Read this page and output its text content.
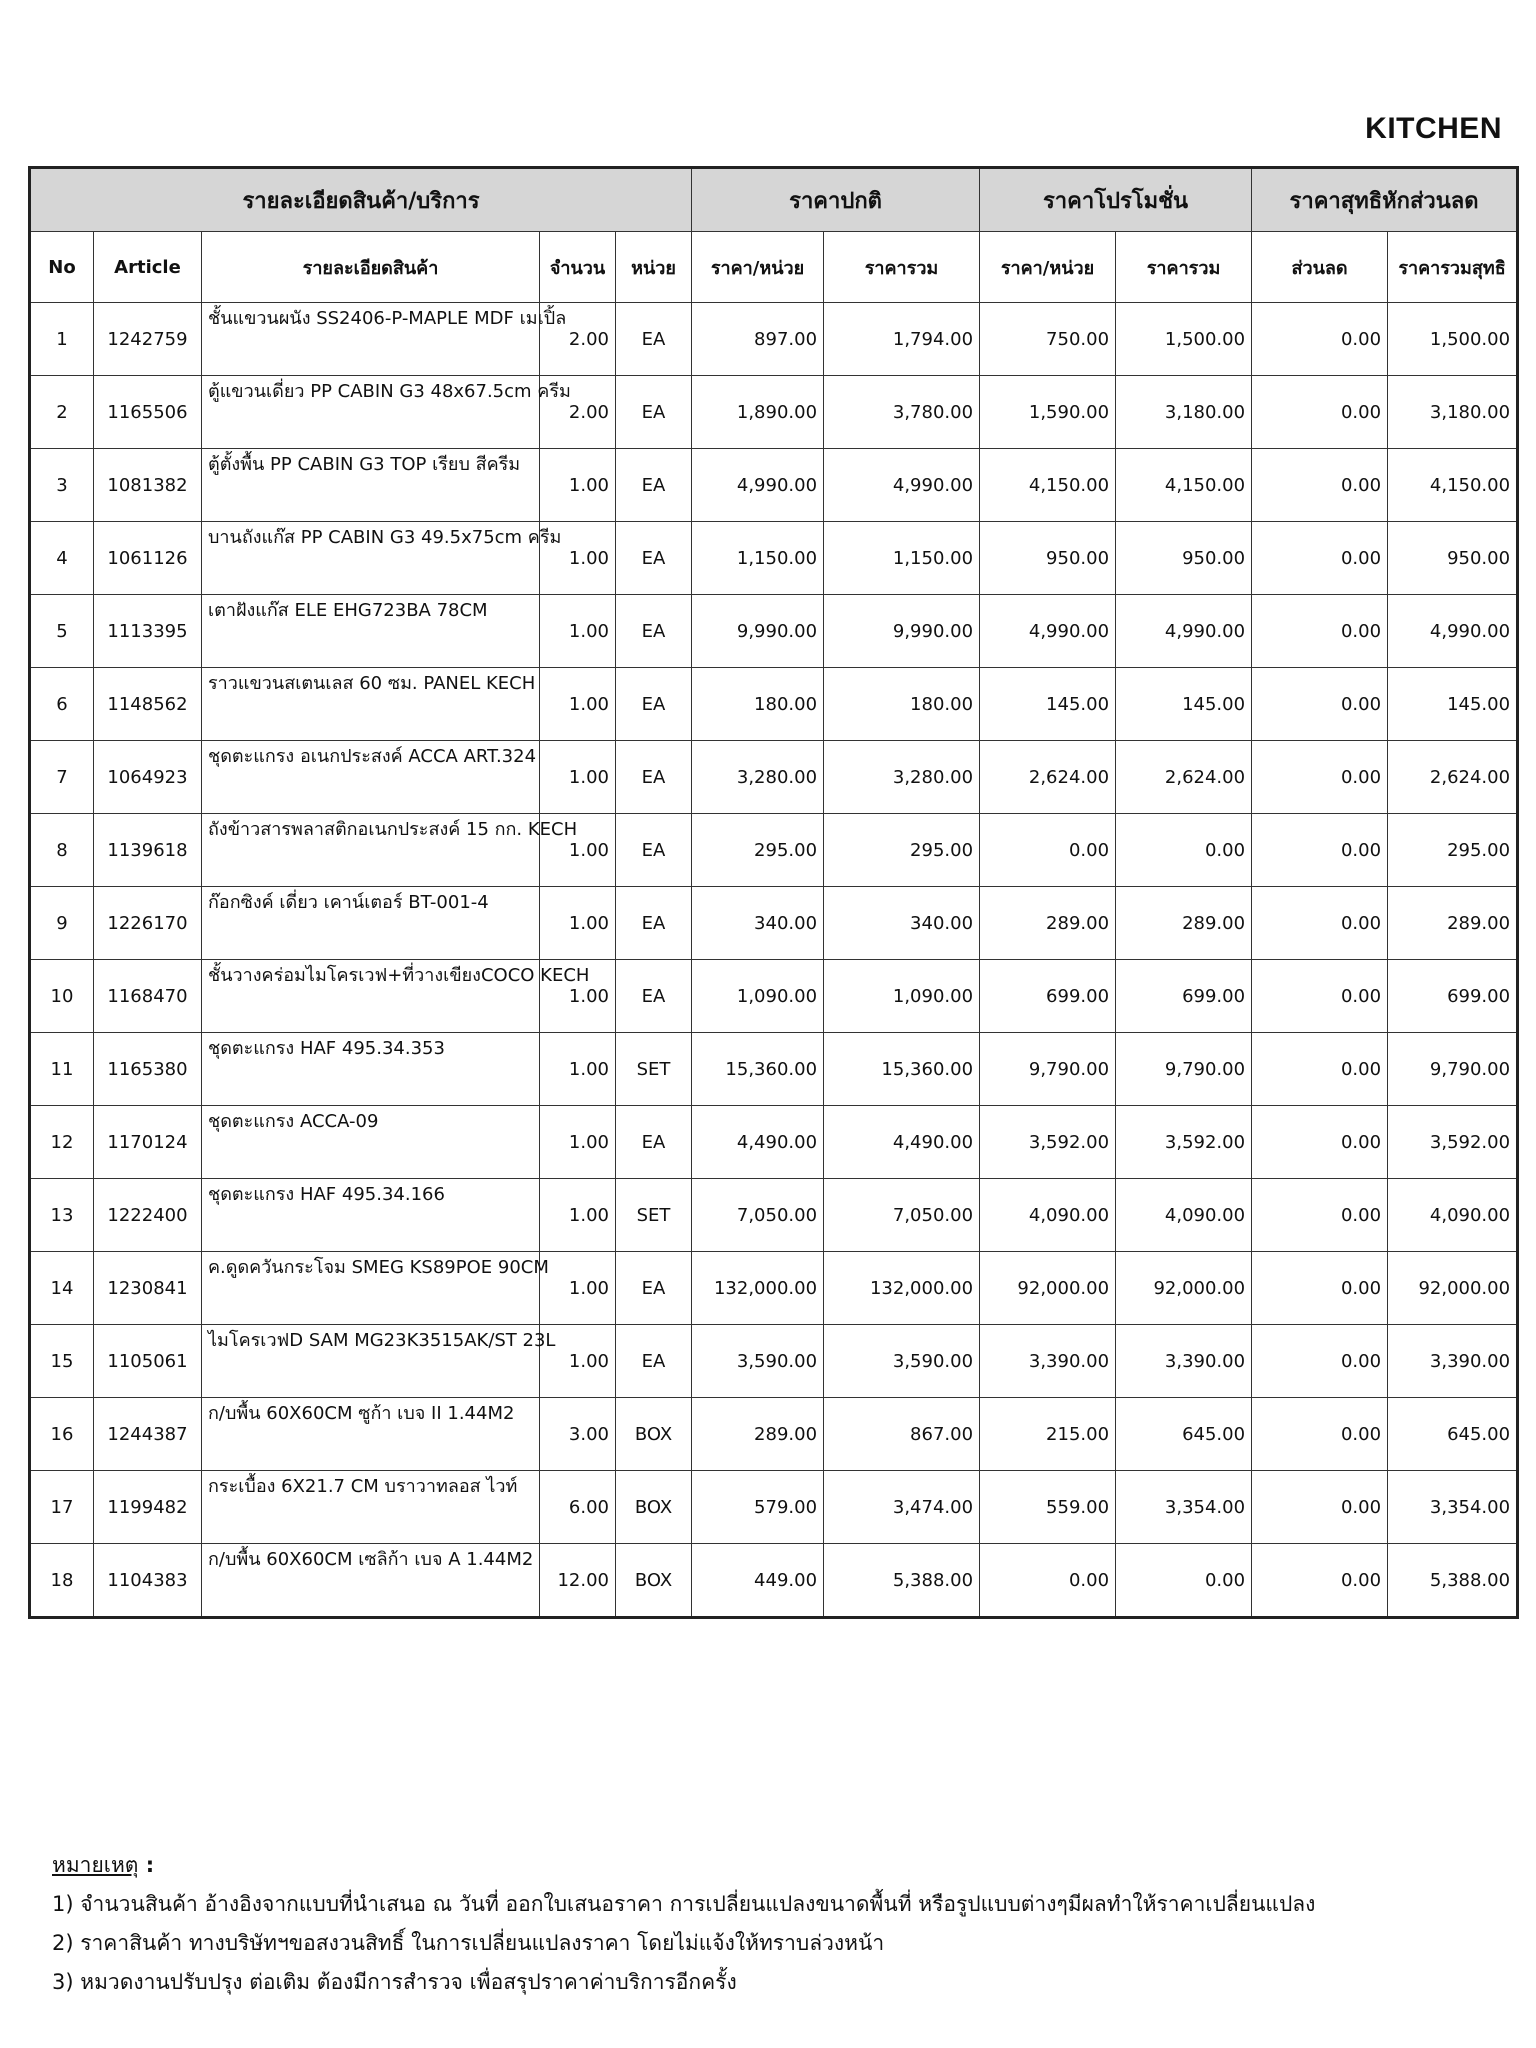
KITCHEN
รายละเอียดสินค้า/บริการ					ราคาปกติ		ราคาโปรโมชั่น		ราคาสุทธิหักส่วนลด	
No	Article	รายละเอียดสินค้า	จำนวน	หน่วย	ราคา/หน่วย	ราคารวม	ราคา/หน่วย	ราคารวม	ส่วนลด	ราคารวมสุทธิ
1	1242759	ชั้นแขวนผนัง SS2406-P-MAPLE MDF เมเปิ้ล	2.00	EA	897.00	1,794.00	750.00	1,500.00	0.00	1,500.00
2	1165506	ตู้แขวนเดี่ยว PP CABIN G3 48x67.5cm ครีม	2.00	EA	1,890.00	3,780.00	1,590.00	3,180.00	0.00	3,180.00
3	1081382	ตู้ตั้งพื้น PP CABIN G3 TOP เรียบ สีครีม	1.00	EA	4,990.00	4,990.00	4,150.00	4,150.00	0.00	4,150.00
4	1061126	บานถังแก๊ส PP CABIN G3 49.5x75cm ครีม	1.00	EA	1,150.00	1,150.00	950.00	950.00	0.00	950.00
5	1113395	เตาฝังแก๊ส ELE EHG723BA 78CM	1.00	EA	9,990.00	9,990.00	4,990.00	4,990.00	0.00	4,990.00
6	1148562	ราวแขวนสเตนเลส 60 ซม. PANEL KECH	1.00	EA	180.00	180.00	145.00	145.00	0.00	145.00
7	1064923	ชุดตะแกรง อเนกประสงค์ ACCA ART.324	1.00	EA	3,280.00	3,280.00	2,624.00	2,624.00	0.00	2,624.00
8	1139618	ถังข้าวสารพลาสติกอเนกประสงค์ 15 กก. KECH	1.00	EA	295.00	295.00	0.00	0.00	0.00	295.00
9	1226170	ก๊อกซิงค์ เดี่ยว เคาน์เตอร์ BT-001-4	1.00	EA	340.00	340.00	289.00	289.00	0.00	289.00
10	1168470	ชั้นวางคร่อมไมโครเวฟ+ที่วางเขียงCOCO KECH	1.00	EA	1,090.00	1,090.00	699.00	699.00	0.00	699.00
11	1165380	ชุดตะแกรง HAF 495.34.353	1.00	SET	15,360.00	15,360.00	9,790.00	9,790.00	0.00	9,790.00
12	1170124	ชุดตะแกรง ACCA-09	1.00	EA	4,490.00	4,490.00	3,592.00	3,592.00	0.00	3,592.00
13	1222400	ชุดตะแกรง HAF 495.34.166	1.00	SET	7,050.00	7,050.00	4,090.00	4,090.00	0.00	4,090.00
14	1230841	ค.ดูดควันกระโจม SMEG KS89POE 90CM	1.00	EA	132,000.00	132,000.00	92,000.00	92,000.00	0.00	92,000.00
15	1105061	ไมโครเวฟD SAM MG23K3515AK/ST 23L	1.00	EA	3,590.00	3,590.00	3,390.00	3,390.00	0.00	3,390.00
16	1244387	ก/บพื้น 60X60CM ซูก้า เบจ II 1.44M2	3.00	BOX	289.00	867.00	215.00	645.00	0.00	645.00
17	1199482	กระเบื้อง 6X21.7 CM บราวาทลอส ไวท์	6.00	BOX	579.00	3,474.00	559.00	3,354.00	0.00	3,354.00
18	1104383	ก/บพื้น 60X60CM เซลิก้า เบจ A 1.44M2	12.00	BOX	449.00	5,388.00	0.00	0.00	0.00	5,388.00
หมายเหตุ :
1) จำนวนสินค้า อ้างอิงจากแบบที่นำเสนอ ณ วันที่ ออกใบเสนอราคา การเปลี่ยนแปลงขนาดพื้นที่ หรือรูปแบบต่างๆมีผลทำให้ราคาเปลี่ยนแปลง
2) ราคาสินค้า ทางบริษัทฯขอสงวนสิทธิ์ ในการเปลี่ยนแปลงราคา โดยไม่แจ้งให้ทราบล่วงหน้า
3) หมวดงานปรับปรุง ต่อเติม ต้องมีการสำรวจ เพื่อสรุปราคาค่าบริการอีกครั้ง
